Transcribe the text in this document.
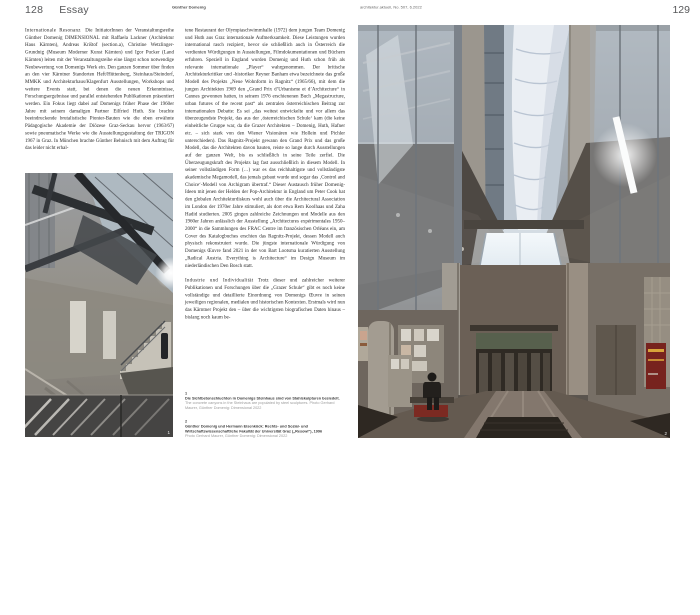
128 Essay	Günther Domenig

Internationale Resonanz Die InitiatorInnen der Veranstaltungsreihe Günther Domenig DIMENSIONAL mit Raffaela Lackner (Architektur Haus Kärnten), Andreas Krištof (section.a), Christine Wetzlinger-Grundnig (Museum Moderner Kunst Kärnten) und Igor Pucker (Land Kärnten) leiten mit der Veranstaltungsreihe eine längst schon notwendige Neubewertung von Domenigs Werk ein. Den ganzen Sommer über finden an den vier Kärntner Standorten Heft/Hüttenberg, Steinhaus/Steindorf, MMKK und Architekturhaus/Klagenfurt Ausstellungen, Workshops und weitere Events statt, bei denen die neuen Erkenntnisse, Forschungsergebnisse und parallel entstehenden Publikationen präsentiert werden. Ein Fokus liegt dabei auf Domenigs früher Phase der 1960er Jahre mit seinem damaligen Partner Eilfried Huth. Sie brachte beeindruckende brutalistische Pionier-Bauten wie die oben erwähnte Pädagogische Akademie der Diözese Graz-Seckau hervor (1963/67) sowie pneumatische Werke wie die Ausstellungsgestaltung der TRIGON 1967 in Graz. In München brachte Günther Behnisch mit dem Auftrag für das leider nicht erhal-

tene Restaurant der Olympiaschwimmhalle (1972) dem jungen Team Domenig und Huth aus Graz internationale Aufmerksamkeit. Diese Leistungen wurden international rasch rezipiert, bevor sie schließlich auch in Österreich die verdienten Würdigungen in Ausstellungen, Filmdokumentationen und Büchern erfuhren. Speziell in England wurden Domenig und Huth schon früh als relevante internationale „Player“ wahrgenommen. Der britische Architekturkritiker und -historiker Reyner Banham etwa bezeichnete das große Modell des Projekts „Neue Wohnform in Ragnitz“ (1965/66), mit dem die jungen Architekten 1969 den „Grand Prix d’Urbanisme et d’Architecture“ in Cannes gewonnen hatten, in seinem 1976 erschienenen Buch „Megastructure, urban futures of the recent past“ als zentralen österreichischen Beitrag zur internationalen Debatte: Es sei „das weitest entwickelte und vor allem das überzeugendste Projekt, das aus der ‚österreichischen Schule‘ kam (die keine einheitliche Gruppe war, da die Grazer Architekten – Domenig, Huth, Hafner etc. – sich stark von den Wiener Visionären wie Hollein und Pichler unterschieden). Das Ragnitz-Projekt gewann den Grand Prix und das große Modell, das die Architekten davon bauten, reiste so lange durch Ausstellungen auf der ganzen Welt, bis es schließlich in seine Teile zerfiel. Die Überzeugungskraft des Projekts lag fast ausschließlich in diesem Modell. In seiner vollständigen Form (…) war es das reichhaltigste und vollständigste akademische Megamodell, das jemals gebaut wurde und sogar das ‚Control and Choice‘-Modell von Archigram übertraf.“ Dieser Austausch früher Domenig-Ideen mit jenen der Helden der Pop-Architektur in England um Peter Cook hat den globalen Architekturdiskurs wohl auch über die Architectural Association im London der 1970er Jahre stimuliert, als dort etwa Rem Koolhaas und Zaha Hadid studierten. 2005 gingen zahlreiche Zeichnungen und Modelle aus den 1960er Jahren anlässlich der Ausstellung „Architectures expérimentales 1950–2000“ in die Sammlungen des FRAC Centre im französischen Orléans ein, am Cover des Katalogbuches erschien das Ragnitz-Projekt, dessen Modell auch physisch rekonstruiert wurde. Die jüngste internationale Würdigung von Domenigs Œuvre fand 2021 in der von Bart Lootsma kuratierten Ausstellung „Radical Austria. Everything is Architecture“ im Design Museum im niederländischen Den Bosch statt.

Industrie und Individualität Trotz dieser und zahlreicher weiterer Publikationen und Forschungen über die „Grazer Schule“ gibt es noch keine vollständige und detaillierte Einordnung von Domenigs Œuvre in seinen jeweiligen regionalen, medialen und historischen Kontexten. Erstmals wird nun das Kärntner Projekt den – über die wichtigsten biografischen Daten hinaus – bislang noch kaum be-

1
1

Die Sichtbetonschluchten in Domenigs Steinhaus sind von Stahlskulpturen besiedelt. The concrete canyons in the Steinhaus are populated by steel sculptures. Photo Gerhard Maurer, Günther Domenig: Dimensional 2022

2

Günther Domenig und Hermann Eisenköck: Rechts- und Sozial- und Wirtschaftswissenschaftliche Fakultät der Universität Graz („Resowi“), 1996
Photo Gerhard Maurer, Günther Domenig: Dimensional 2022

architektur.aktuell, No. 507, 6.2022	129
2
